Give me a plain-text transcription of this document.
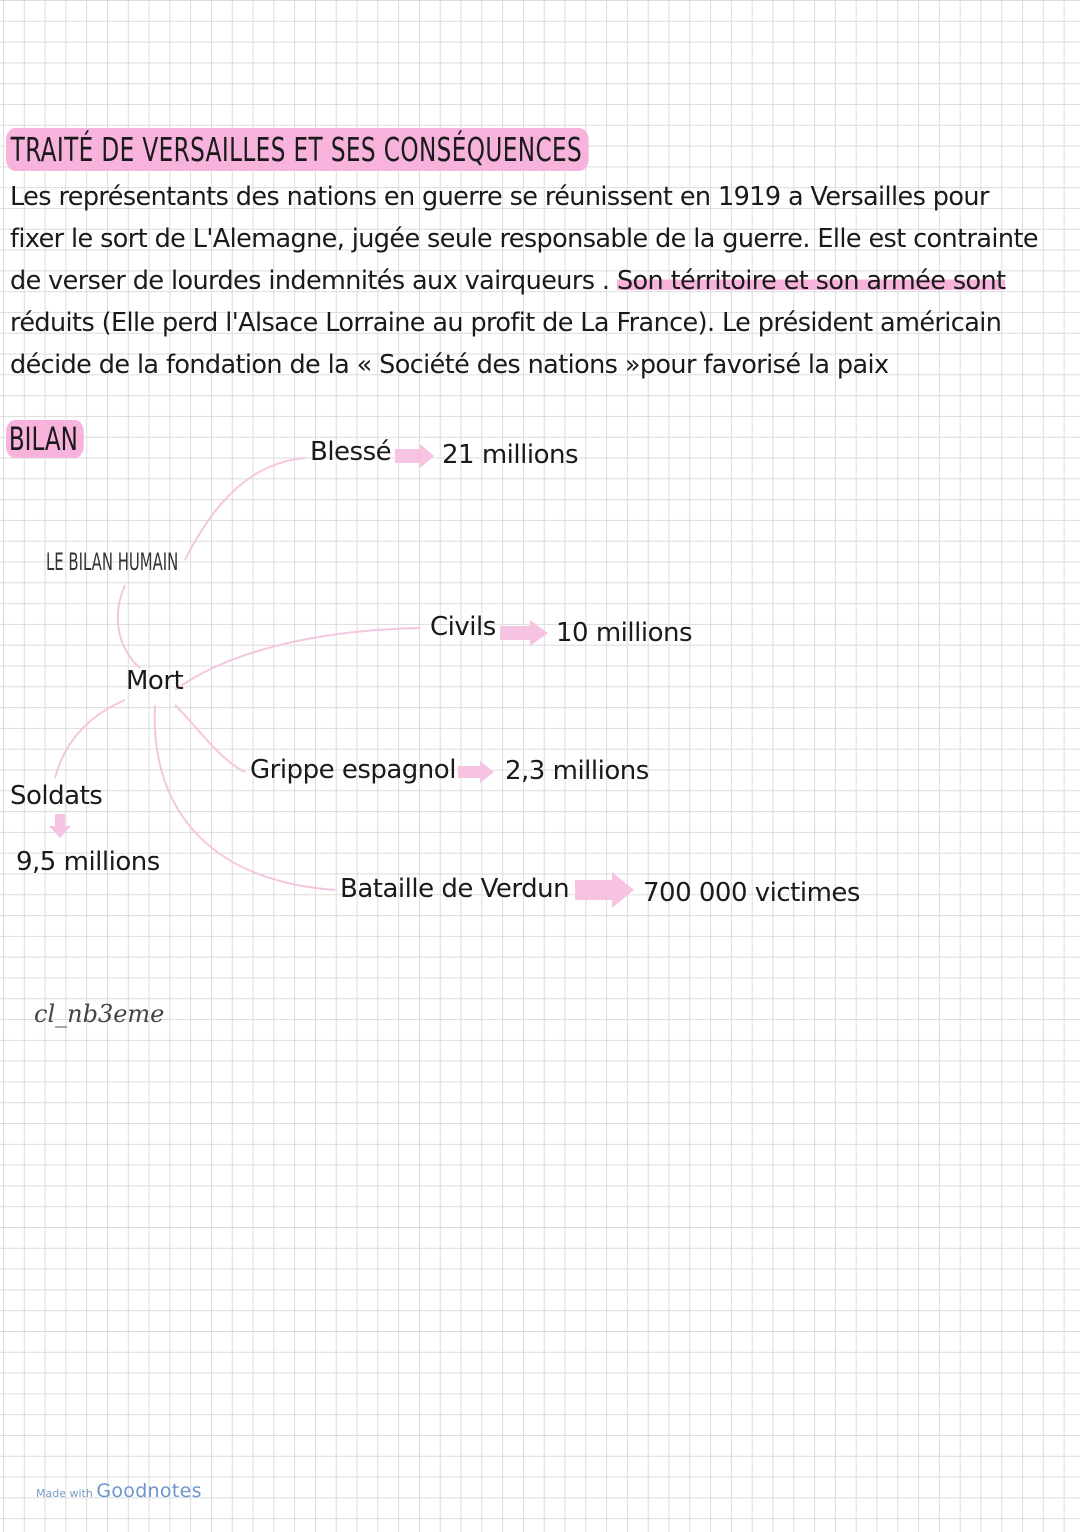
TRAITÉ DE VERSAILLES ET SES CONSÉQUENCES
Les représentants des nations en guerre se réunissent en 1919 a Versailles pour
fixer le sort de L'Alemagne, jugée seule responsable de la guerre. Elle est contrainte
de verser de lourdes indemnités aux vairqueurs . Son térritoire et son armée sont
réduits (Elle perd l'Alsace Lorraine au profit de La France). Le président américain
décide de la fondation de la « Société des nations »pour favorisé la paix
BILAN
LE BILAN HUMAIN
Blessé 21 millions
Mort
Civils 10 millions
Grippe espagnol 2,3 millions
Soldats
9,5 millions
Bataille de Verdun	700 000 victimes
cl_nb3eme
Made with Goodnotes
